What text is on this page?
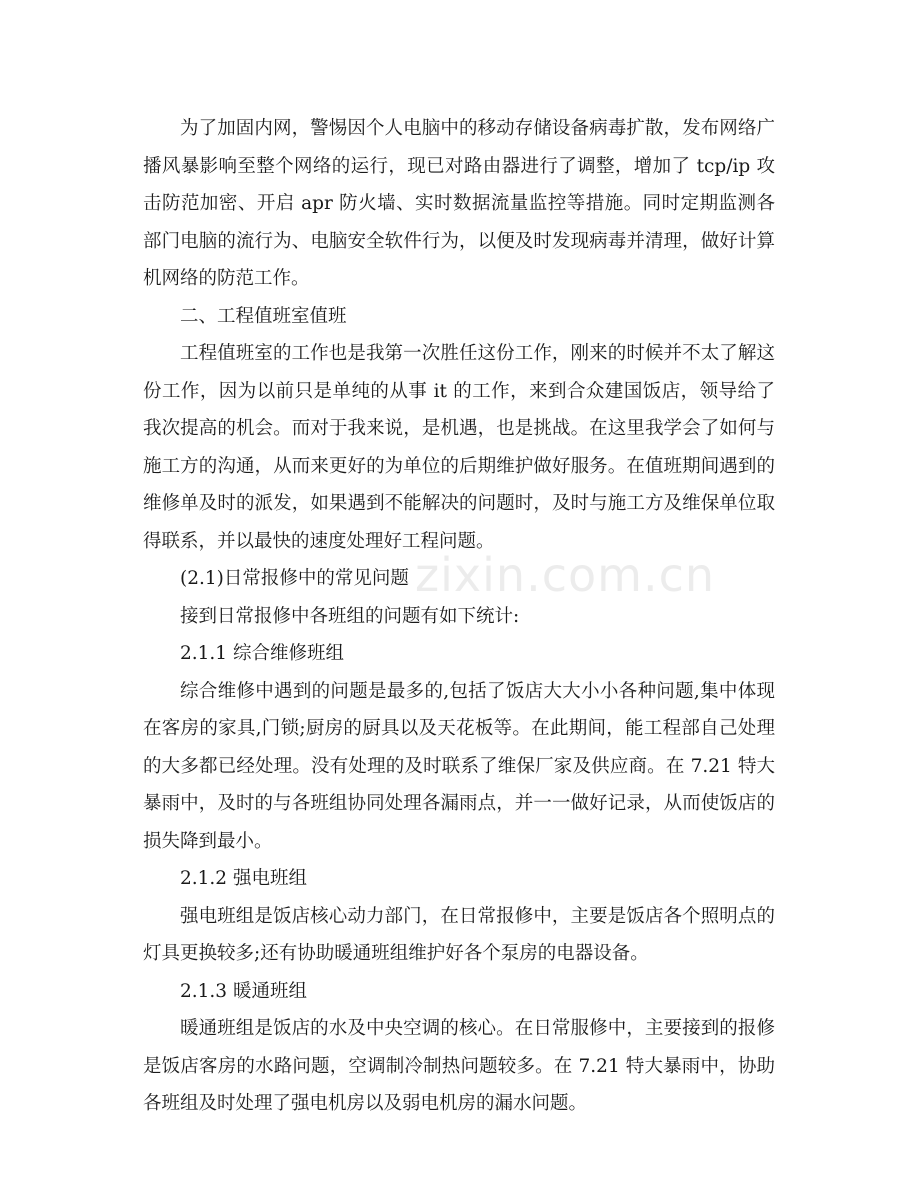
为了加固内网，警惕因个人电脑中的移动存储设备病毒扩散，发布网络广播风暴影响至整个网络的运行，现已对路由器进行了调整，增加了 tcp/ip 攻击防范加密、开启 apr 防火墙、实时数据流量监控等措施。同时定期监测各部门电脑的流行为、电脑安全软件行为，以便及时发现病毒并清理，做好计算机网络的防范工作。

二、工程值班室值班

工程值班室的工作也是我第一次胜任这份工作，刚来的时候并不太了解这份工作，因为以前只是单纯的从事 it 的工作，来到合众建国饭店，领导给了我次提高的机会。而对于我来说，是机遇，也是挑战。在这里我学会了如何与施工方的沟通，从而来更好的为单位的后期维护做好服务。在值班期间遇到的维修单及时的派发，如果遇到不能解决的问题时，及时与施工方及维保单位取得联系，并以最快的速度处理好工程问题。

(2.1)日常报修中的常见问题

接到日常报修中各班组的问题有如下统计:

2.1.1 综合维修班组

综合维修中遇到的问题是最多的,包括了饭店大大小小各种问题,集中体现在客房的家具,门锁;厨房的厨具以及天花板等。在此期间，能工程部自己处理的大多都已经处理。没有处理的及时联系了维保厂家及供应商。在 7.21 特大暴雨中，及时的与各班组协同处理各漏雨点，并一一做好记录，从而使饭店的损失降到最小。

2.1.2 强电班组

强电班组是饭店核心动力部门，在日常报修中，主要是饭店各个照明点的灯具更换较多;还有协助暖通班组维护好各个泵房的电器设备。

2.1.3 暖通班组

暖通班组是饭店的水及中央空调的核心。在日常服修中，主要接到的报修是饭店客房的水路问题，空调制冷制热问题较多。在 7.21 特大暴雨中，协助各班组及时处理了强电机房以及弱电机房的漏水问题。

zixin.com.cn
